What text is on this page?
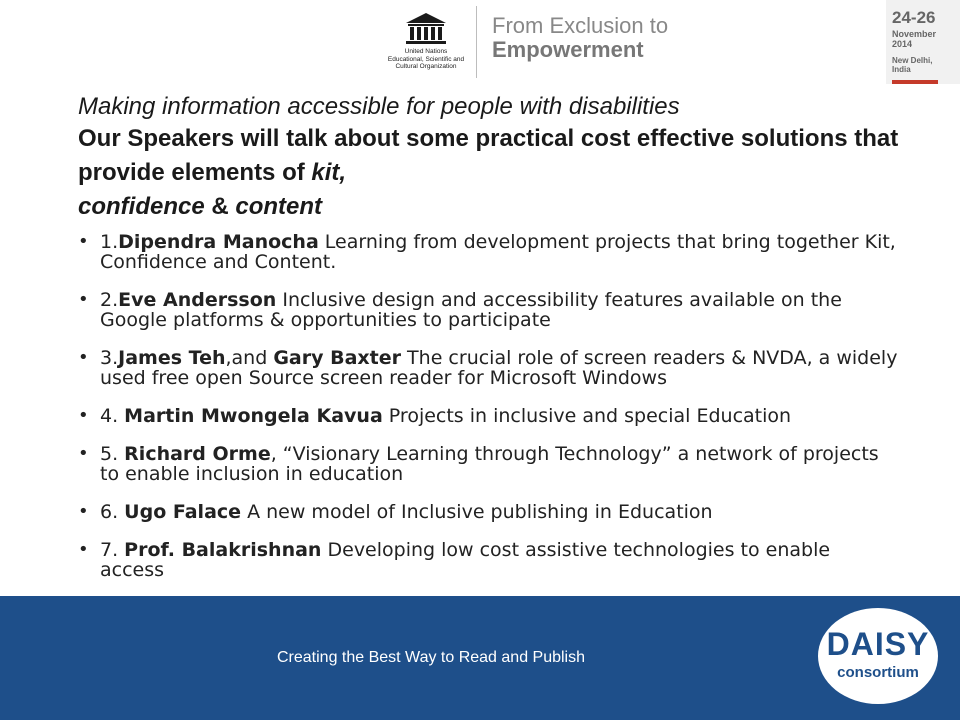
United Nations
Educational, Scientific and
Cultural Organization
From Exclusion to
Empowerment
24-26
November
2014
New Delhi,
India
Making information accessible for people with disabilities
Our Speakers will talk about some practical cost effective solutions that provide elements of kit,
confidence & content
• 1.Dipendra Manocha Learning from development projects that bring together Kit, Confidence and Content.
• 2.Eve Andersson Inclusive design and accessibility features available on the Google platforms & opportunities to participate
• 3.James Teh,and Gary Baxter The crucial role of screen readers & NVDA, a widely used free open Source screen reader for Microsoft Windows
• 4. Martin Mwongela Kavua Projects in inclusive and special Education
• 5. Richard Orme, “Visionary Learning through Technology” a network of projects to enable inclusion in education
• 6. Ugo Falace A new model of Inclusive publishing in Education
• 7. Prof. Balakrishnan Developing low cost assistive technologies to enable access
Creating the Best Way to Read and Publish	DAISY
consortium
